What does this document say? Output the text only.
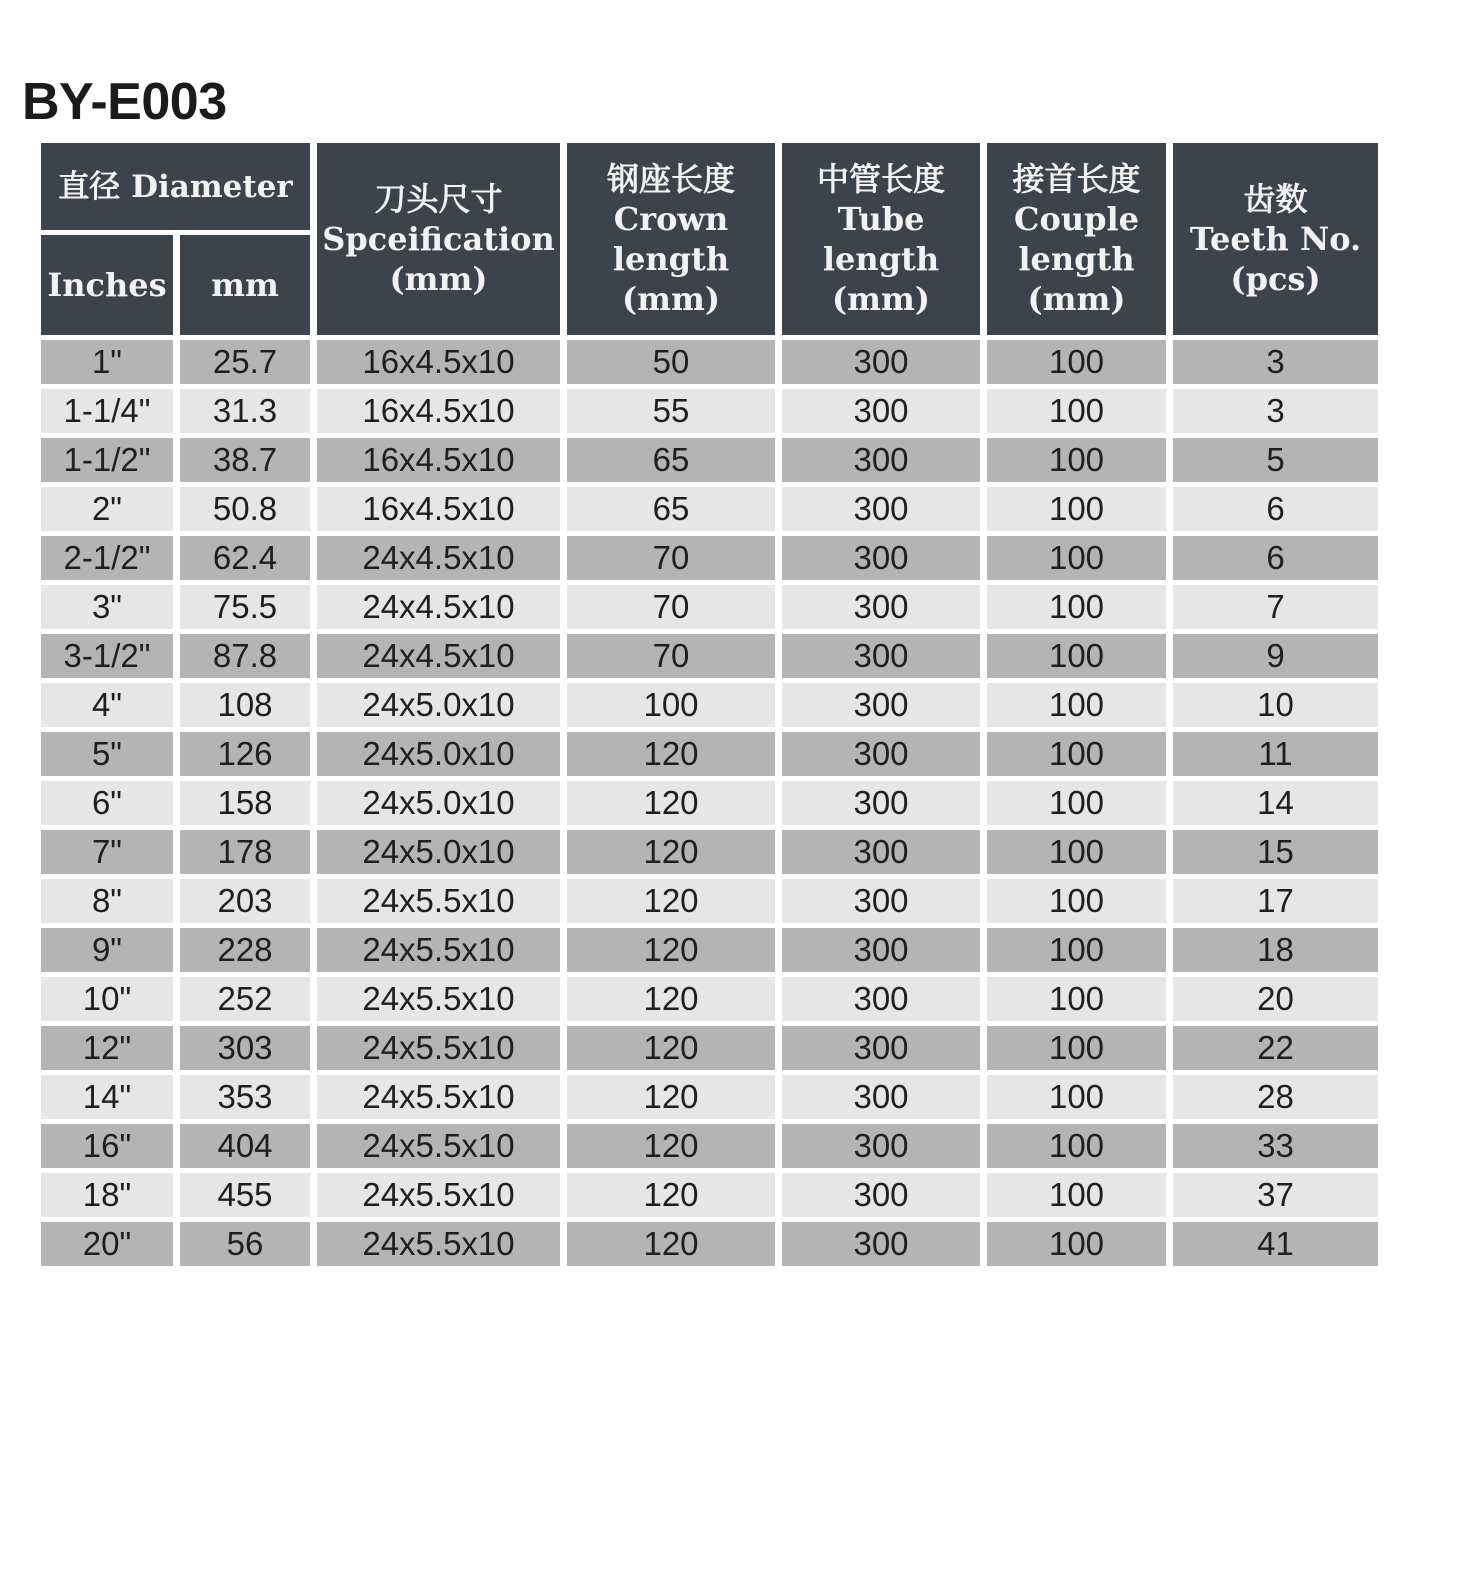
BY-E003
直径 Diameter		刀头尺寸
Spceification
(mm)	钢座长度
Crown
length
(mm)	中管长度
Tube
length
(mm)	接首长度
Couple
length
(mm)	齿数
Teeth No.
(pcs)

Inches	mm					

1"	25.7	16x4.5x10	50	300	100	3
1-1/4"	31.3	16x4.5x10	55	300	100	3
1-1/2"	38.7	16x4.5x10	65	300	100	5
2"	50.8	16x4.5x10	65	300	100	6
2-1/2"	62.4	24x4.5x10	70	300	100	6
3"	75.5	24x4.5x10	70	300	100	7
3-1/2"	87.8	24x4.5x10	70	300	100	9
4"	108	24x5.0x10	100	300	100	10
5"	126	24x5.0x10	120	300	100	11
6"	158	24x5.0x10	120	300	100	14
7"	178	24x5.0x10	120	300	100	15
8"	203	24x5.5x10	120	300	100	17
9"	228	24x5.5x10	120	300	100	18
10"	252	24x5.5x10	120	300	100	20
12"	303	24x5.5x10	120	300	100	22
14"	353	24x5.5x10	120	300	100	28
16"	404	24x5.5x10	120	300	100	33
18"	455	24x5.5x10	120	300	100	37
20"	56	24x5.5x10	120	300	100	41
